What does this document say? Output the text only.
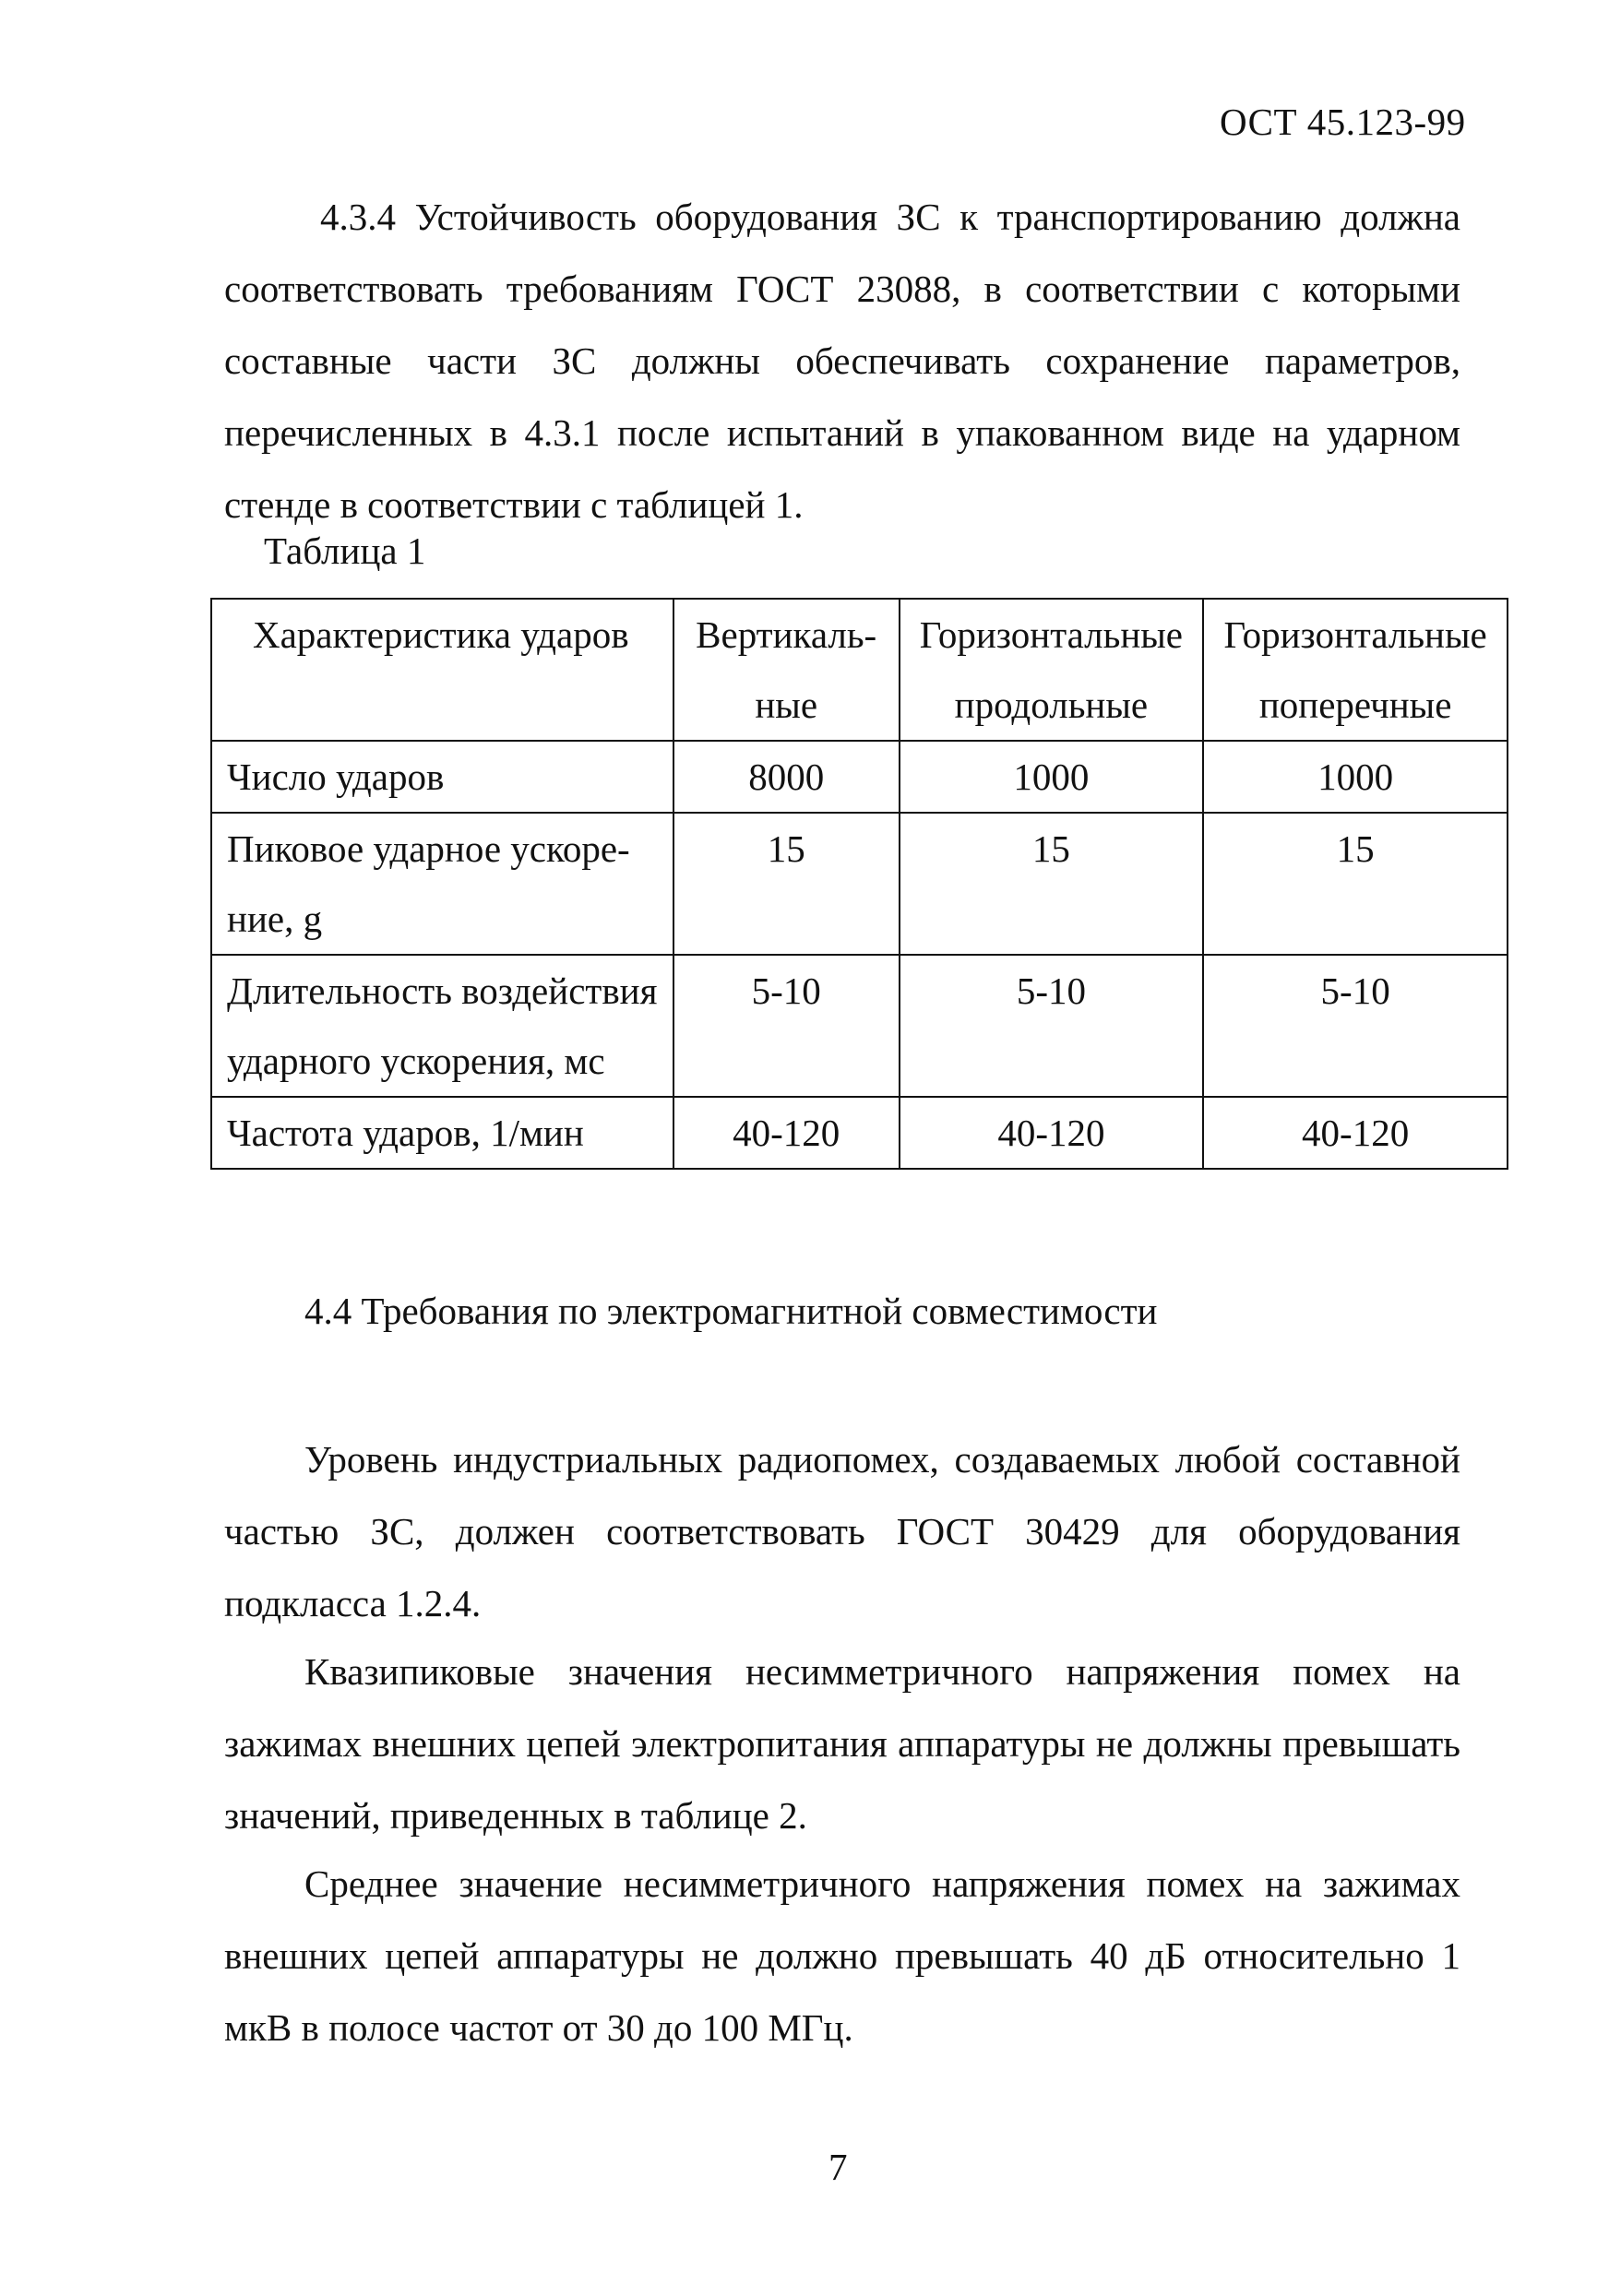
ОСТ 45.123-99
4.3.4 Устойчивость оборудования ЗС к транспортированию должна соответствовать требованиям ГОСТ 23088, в соответствии с которыми составные части ЗС должны обеспечивать сохранение параметров, перечисленных в 4.3.1 после испытаний в упакованном виде на ударном стенде в соответствии с таблицей 1.
Таблица 1
Характеристика ударов	Вертикаль-ные	Горизонтальные продольные	Горизонтальные поперечные
Число ударов	8000	1000	1000
Пиковое ударное ускоре-ние, g	15	15	15
Длительность воздействия ударного ускорения, мс	5-10	5-10	5-10
Частота ударов, 1/мин	40-120	40-120	40-120
4.4 Требования по электромагнитной совместимости
Уровень индустриальных радиопомех, создаваемых любой составной частью ЗС, должен соответствовать ГОСТ 30429 для оборудования подкласса 1.2.4.
Квазипиковые значения несимметричного напряжения помех на зажимах внешних цепей электропитания аппаратуры не должны превышать значений, приведенных в таблице 2.
Среднее значение несимметричного напряжения помех на зажимах внешних цепей аппаратуры не должно превышать 40 дБ относительно 1 мкВ в полосе частот от 30 до 100 МГц.
7
